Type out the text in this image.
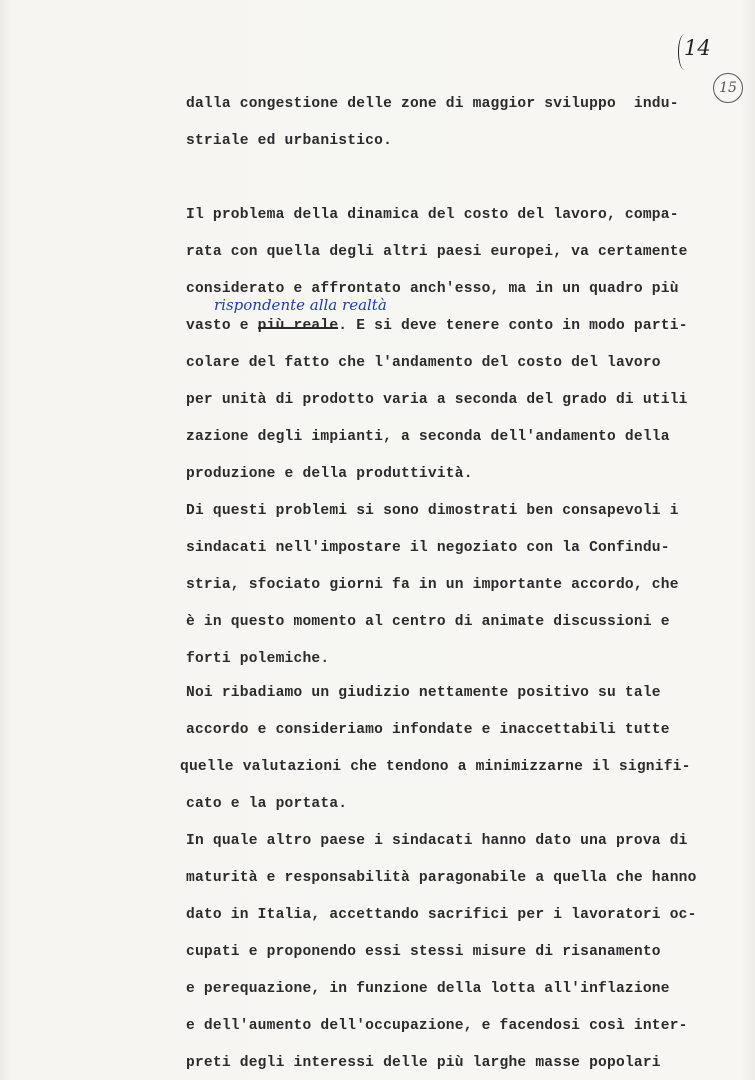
14
15
dalla congestione delle zone di maggior sviluppo  indu-
striale ed urbanistico.
Il problema della dinamica del costo del lavoro, compa-
rata con quella degli altri paesi europei, va certamente
considerato e affrontato anch'esso, ma in un quadro più
rispondente alla realtà
vasto e più reale. E si deve tenere conto in modo parti-
colare del fatto che l'andamento del costo del lavoro
per unità di prodotto varia a seconda del grado di utili
zazione degli impianti, a seconda dell'andamento della
produzione e della produttività.
Di questi problemi si sono dimostrati ben consapevoli i
sindacati nell'impostare il negoziato con la Confindu-
stria, sfociato giorni fa in un importante accordo, che
è in questo momento al centro di animate discussioni e
forti polemiche.
Noi ribadiamo un giudizio nettamente positivo su tale
accordo e consideriamo infondate e inaccettabili tutte
quelle valutazioni che tendono a minimizzarne il signifi-
cato e la portata.
In quale altro paese i sindacati hanno dato una prova di
maturità e responsabilità paragonabile a quella che hanno
dato in Italia, accettando sacrifici per i lavoratori oc-
cupati e proponendo essi stessi misure di risanamento
e perequazione, in funzione della lotta all'inflazione
e dell'aumento dell'occupazione, e facendosi così inter-
preti degli interessi delle più larghe masse popolari
